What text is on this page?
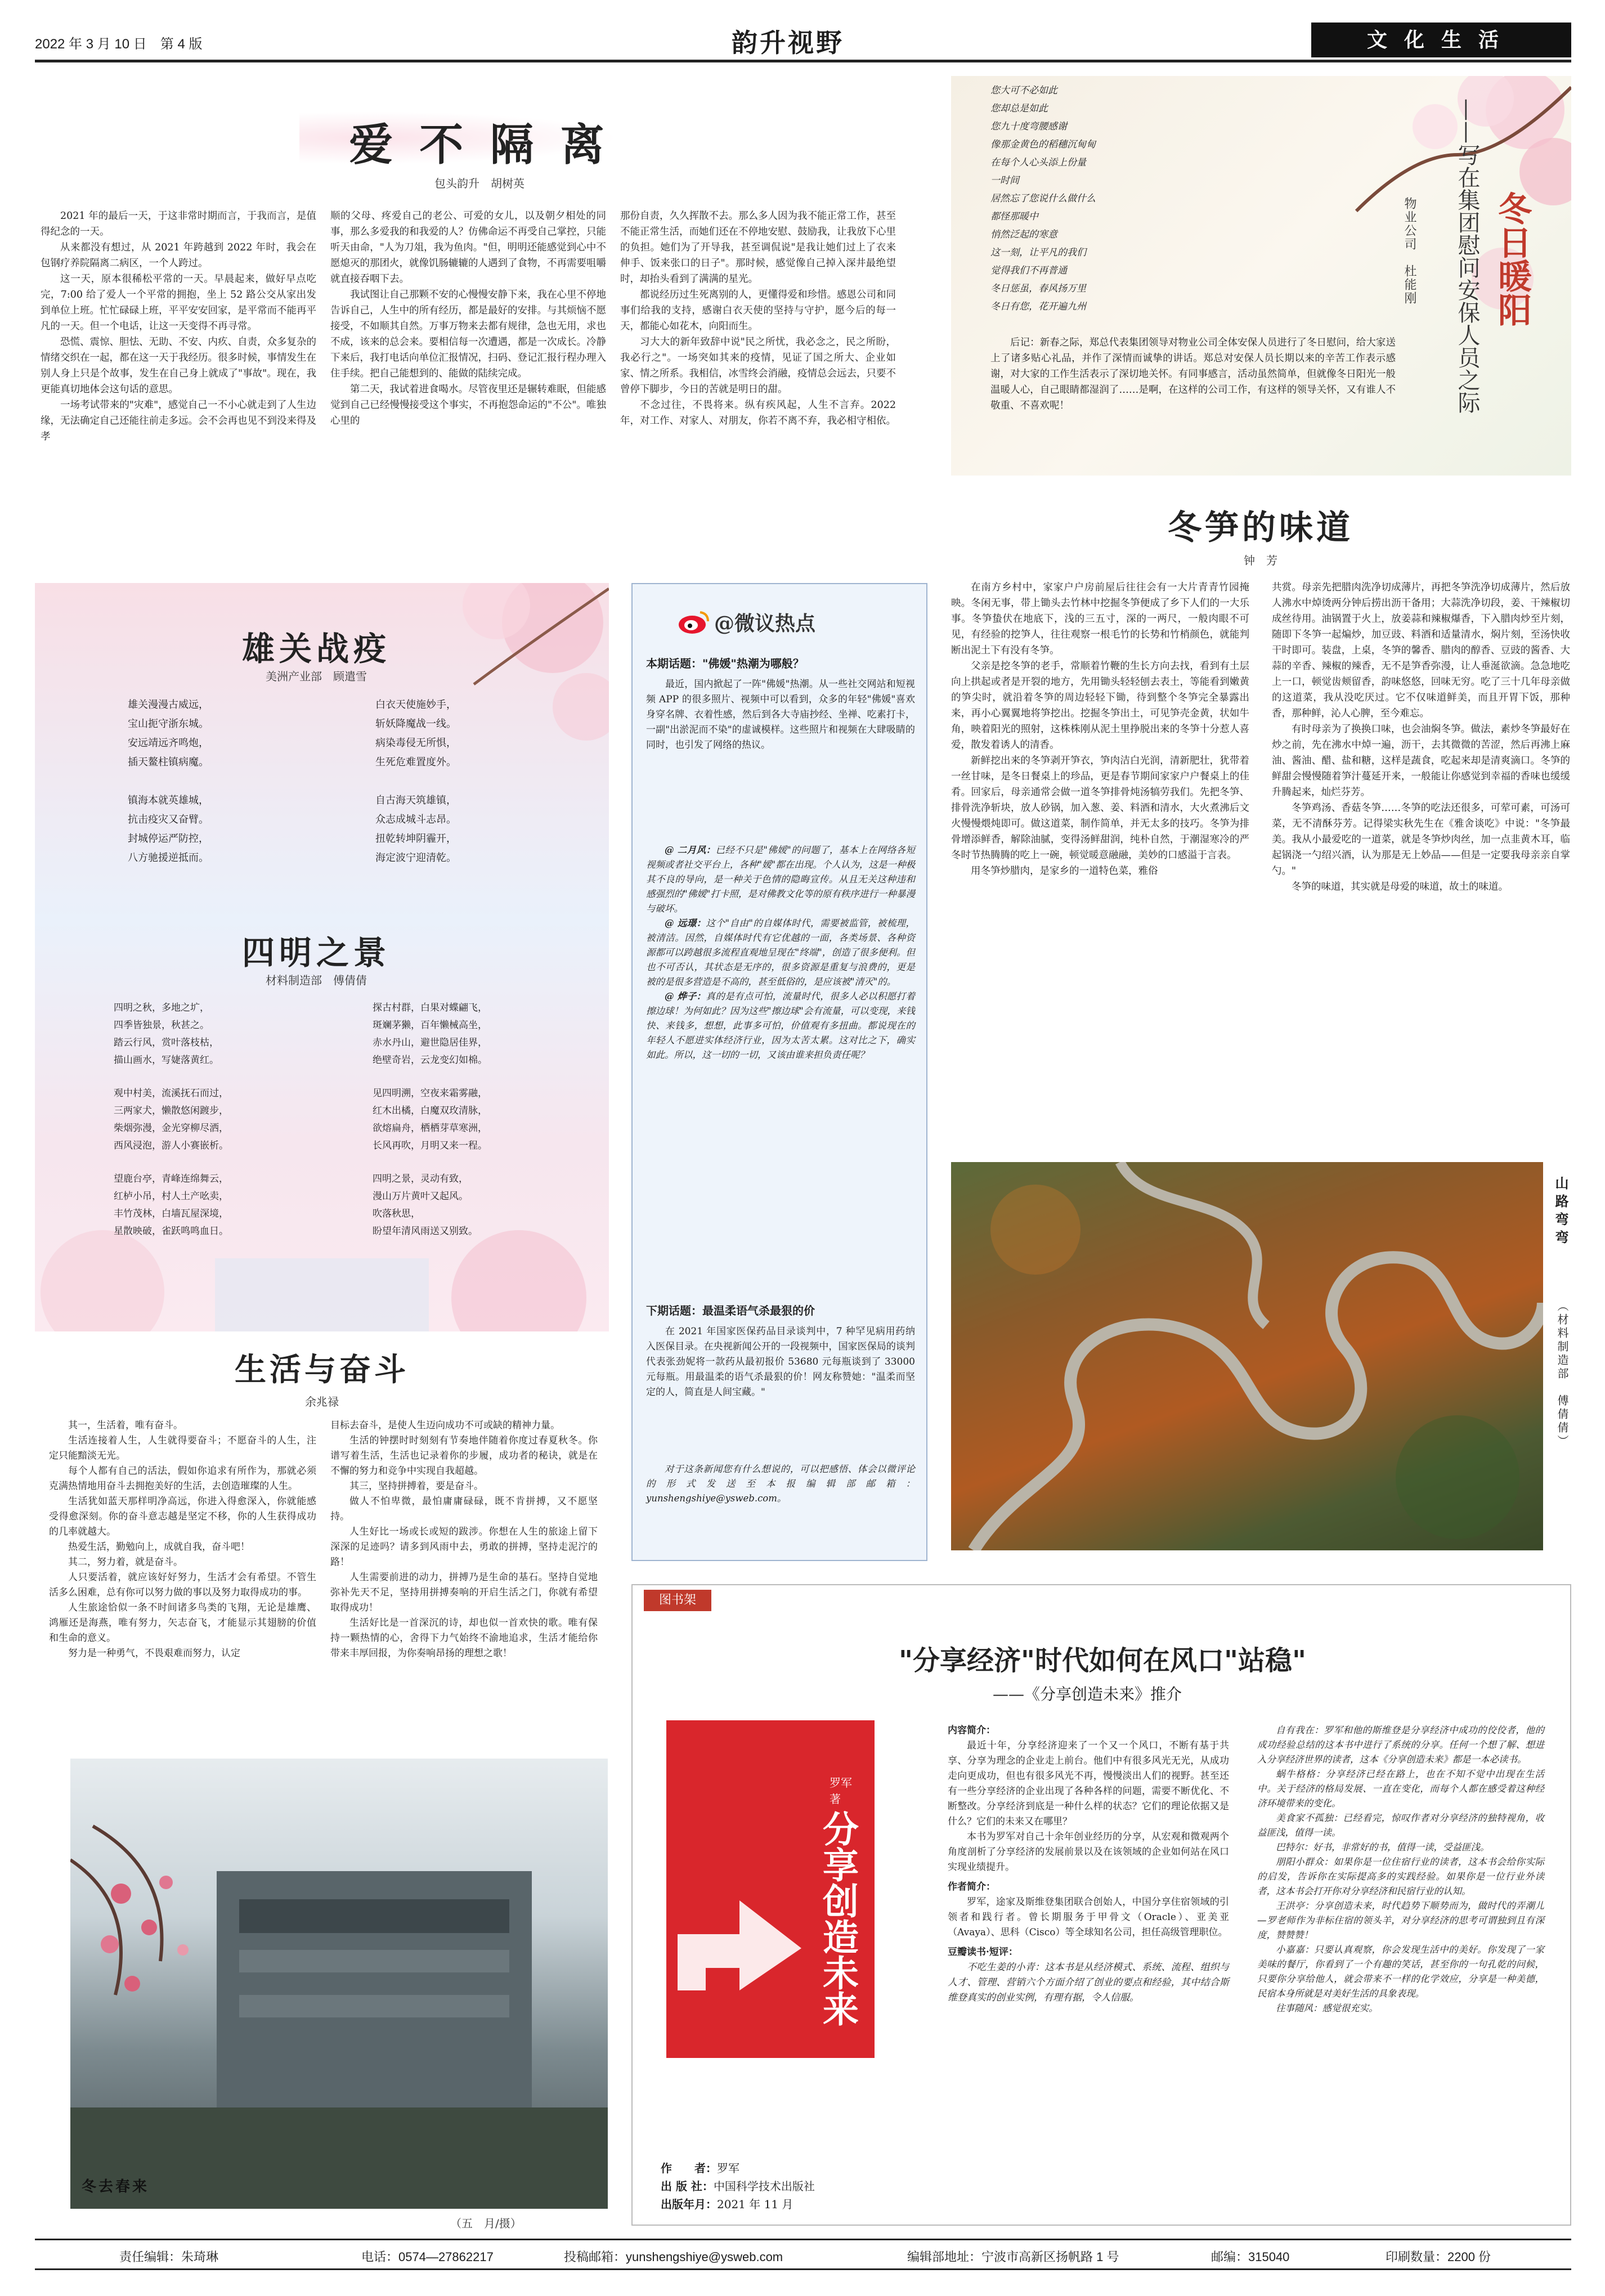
2022 年 3 月 10 日　第 4 版	韵升视野	文化生活
爱 不 隔 离
包头韵升　胡树英

2021 年的最后一天，于这非常时期而言，于我而言，是值得纪念的一天。

从来都没有想过，从 2021 年跨越到 2022 年时，我会在包钢疗养院隔离二病区，一个人跨过。

这一天，原本很稀松平常的一天。早晨起来，做好早点吃完，7:00 给了爱人一个平常的拥抱，坐上 52 路公交从家出发到单位上班。忙忙碌碌上班，平平安安回家，是平常而不能再平凡的一天。但一个电话，让这一天变得不再寻常。

恐慌、震惊、胆怯、无助、不安、内疚、自责，众多复杂的情绪交织在一起，都在这一天于我经历。很多时候，事情发生在别人身上只是个故事，发生在自己身上就成了"事故"。现在，我更能真切地体会这句话的意思。

一场考试带来的"灾难"，感觉自己一不小心就走到了人生边缘，无法确定自己还能往前走多远。会不会再也见不到没来得及孝

顺的父母、疼爱自己的老公、可爱的女儿，以及朝夕相处的同事，那么多爱我的和我爱的人？仿佛命运不再受自己掌控，只能听天由命，"人为刀俎，我为鱼肉。"但，明明还能感觉到心中不愿熄灭的那团火，就像饥肠辘辘的人遇到了食物，不再需要咀嚼就直接吞咽下去。

我试图让自己那颗不安的心慢慢安静下来，我在心里不停地告诉自己，人生中的所有经历，都是最好的安排。与其烦恼不愿接受，不如顺其自然。万事万物来去都有规律，急也无用，求也不成，该来的总会来。要相信每一次遭遇，都是一次成长。冷静下来后，我打电话向单位汇报情况，扫码、登记汇报行程办理入住手续。把自己能想到的、能做的陆续完成。

第二天，我试着进食喝水。尽管夜里还是辗转难眠，但能感觉到自己已经慢慢接受这个事实，不再抱怨命运的"不公"。唯独心里的

那份自责，久久挥散不去。那么多人因为我不能正常工作，甚至不能正常生活，而她们还在不停地安慰、鼓励我，让我放下心里的负担。她们为了开导我，甚至调侃说"是我让她们过上了衣来伸手、饭来张口的日子"。那时候，感觉像自己掉入深井最绝望时，却抬头看到了满满的星光。

都说经历过生死离别的人，更懂得爱和珍惜。感恩公司和同事们给我的支持，感谢白衣天使的坚持与守护，愿今后的每一天，都能心如花木，向阳而生。

习大大的新年致辞中说"民之所忧，我必念之，民之所盼，我必行之"。一场突如其来的疫情，见证了国之所大、企业如家、情之所系。我相信，冰雪终会消融，疫情总会远去，只要不曾停下脚步，今日的苦就是明日的甜。

不念过往，不畏将来。纵有疾风起，人生不言弃。2022 年，对工作、对家人、对朋友，你若不离不弃，我必相守相依。

冬日暖阳
——写在集团慰问安保人员之际
物业公司　杜能刚
您大可不必如此
您却总是如此
您九十度弯腰感谢
像那金黄色的稻穗沉甸甸
在每个人心头添上份量
一时间
居然忘了您说什么做什么
都怪那暖中
悄然泛起的寒意
这一刻，让平凡的我们
觉得我们不再普通
冬日惩虽，春风扬万里
冬日有您，花开遍九州

后记：新春之际，郑总代表集团领导对物业公司全体安保人员进行了冬日慰问，给大家送上了诸多贴心礼品，并作了深情而诚挚的讲话。郑总对安保人员长期以来的辛苦工作表示感谢，对大家的工作生活表示了深切地关怀。有同事感言，活动虽然简单，但就像冬日阳光一般温暖人心，自己眼睛都湿润了……是啊，在这样的公司工作，有这样的领导关怀，又有谁人不敬重、不喜欢呢！

冬笋的味道
钟　芳

在南方乡村中，家家户户房前屋后往往会有一大片青青竹园掩映。冬闲无事，带上锄头去竹林中挖掘冬笋便成了乡下人们的一大乐事。冬笋蛰伏在地底下，浅的三五寸，深的一两尺，一般肉眼不可见，有经验的挖笋人，往往观察一根毛竹的长势和竹梢颜色，就能判断出泥土下有没有冬笋。

父亲是挖冬笋的老手，常顺着竹鞭的生长方向去找，看到有土层向上拱起或者是开裂的地方，先用锄头轻轻刨去表土，等能看到嫩黄的笋尖时，就沿着冬笋的周边轻轻下锄，待到整个冬笋完全暴露出来，再小心翼翼地将笋挖出。挖掘冬笋出土，可见笋壳金黄，状如牛角，映着阳光的照射，这株株刚从泥土里挣脱出来的冬笋十分惹人喜爱，散发着诱人的清香。

新鲜挖出来的冬笋剥开笋衣，笋肉洁白光润，清新肥壮，犹带着一丝甘味，是冬日餐桌上的珍品，更是春节期间家家户户餐桌上的佳肴。回家后，母亲通常会做一道冬笋排骨炖汤犒劳我们。先把冬笋、排骨洗净斩块，放人砂锅，加入葱、姜、料酒和清水，大火煮沸后文火慢慢煨炖即可。做这道菜，制作简单，并无太多的技巧。冬笋为排骨增添鲜香，解除油腻，变得汤鲜甜润，纯朴自然，于潮湿寒冷的严冬时节热腾腾的吃上一碗，顿觉暖意融融，美妙的口感溢于言表。

用冬笋炒腊肉，是家乡的一道特色菜，雅俗

共赏。母亲先把腊肉洗净切成薄片，再把冬笋洗净切成薄片，然后放人沸水中焯烫两分钟后捞出沥干备用；大蒜洗净切段，姜、干辣椒切成丝待用。油锅置于火上，放姜蒜和辣椒爆香，下入腊肉炒至片刻，随即下冬笋一起煸炒，加豆豉、料酒和适量清水，焖片刻，至汤快收干时即可。装盘，上桌，冬笋的馨香、腊肉的醇香、豆豉的酱香、大蒜的辛香、辣椒的辣香，无不是笋香弥漫，让人垂涎欲滴。急急地吃上一口，顿觉齿颊留香，韵味悠悠，回味无穷。吃了三十几年母亲做的这道菜，我从没吃厌过。它不仅味道鲜美，而且开胃下饭，那种香，那种鲜，沁人心脾，至今难忘。

有时母亲为了换换口味，也会油焖冬笋。做法，素炒冬笋最好在炒之前，先在沸水中焯一遍，沥干，去其微微的苦涩，然后再沸上麻油、酱油、醋、盐和糖，这样是蔬食，吃起来却是清爽滴口。冬笋的鲜甜会慢慢随着笋汁蔓延开来，一般能让你感觉到幸福的香味也缓缓升腾起来，灿烂芬芳。

冬笋鸡汤、香菇冬笋……冬笋的吃法还很多，可荤可素，可汤可菜，无不清酥芬芳。记得梁实秋先生在《雅舍谈吃》中说："冬笋最美。我从小最爱吃的一道菜，就是冬笋炒肉丝，加一点韭黄木耳，临起锅浇一勺绍兴酒，认为那是无上妙品——但是一定要我母亲亲自掌勺。"

冬笋的味道，其实就是母爱的味道，故土的味道。

山路弯弯
（材料制造部　傅倩倩）
雄关战疫
美洲产业部　顾遣雪
雄关漫漫古威远，
宝山扼守浙东城。
安远靖远齐鸣炮，
插天鳌柱镇病魔。
镇海本就英雄城，
抗击疫灾又奋臂。
封城停运严防控，
八方驰援逆抵而。
白衣天使施妙手，
斩妖降魔战一线。
病染毒侵无所惧，
生死危难置度外。
自古海天筑雄镇，
众志成城斗志昂。
扭乾转坤阴霾开，
海定波宁迎清乾。
四明之景
材料制造部　傅倩倩
四明之秋，多地之圹，
四季皆独景，秋甚之。
踏云行风，赏叶落枝枯，
描山画水，写婕落黄红。
观中村美，流溪抚石而过，
三两家犬，懒散悠闲踱步，
柴烟弥漫，金光穿柳尽洒，
西风浸泡，游人小赛嵌析。
望鹿台亭，青峰连绵舞云，
红栌小吊，村人土产吆卖，
丰竹茂林，白墙瓦屋深境，
星散映破，雀跃鸣鸣血日。
探古村群，白果对蝶翩飞，
斑斓茅獭，百年懒械高坐，
赤水丹山，避世隐居佳界，
绝壁奇岩，云龙变幻如棉。
见四明溯，空夜来霜雾融，
红木出橘，白魔双玫清脉，
欲熔扁舟，栖栖芽草寒洲，
长风再吹，月明又来一程。
四明之景，灵动有致，
漫山万片黄叶又起风。
吹落秋思，
盼望年清风雨送又别致。
生活与奋斗
余兆禄

其一，生活着，唯有奋斗。

生活连接着人生，人生就得要奋斗；不愿奋斗的人生，注定只能黯淡无光。

每个人都有自己的活法，假如你追求有所作为，那就必须克满热情地用奋斗去拥抱美好的生活，去创造璀璨的人生。

生活犹如蓝天那样明净高远，你进入得愈深入，你就能感受得愈深刻。你的奋斗意志越是坚定不移，你的人生获得成功的几率就越大。

热爱生活，勤勉向上，成就自我，奋斗吧！

其二，努力着，就是奋斗。

人只要活着，就应该好好努力，生活才会有希望。不管生活多么困难，总有你可以努力做的事以及努力取得成功的事。

人生旅途恰似一条不时间诸多鸟类的飞翔，无论是雄鹰、鸿雁还是海燕，唯有努力，矢志奋飞，才能显示其翅膀的价值和生命的意义。

努力是一种勇气，不畏艰难而努力，认定

目标去奋斗，是使人生迈向成功不可或缺的精神力量。

生活的钟摆时时刻刻有节奏地伴随着你度过春夏秋冬。你谱写着生活，生活也记录着你的步履，成功者的秘诀，就是在不懈的努力和竞争中实现自我超越。

其三，坚持拼搏着，要是奋斗。

做人不怕卑微，最怕庸庸碌碌，既不肯拼搏，又不愿坚持。

人生好比一场或长或短的跋涉。你想在人生的旅途上留下深深的足迹吗？请多到风雨中去，勇敢的拼搏，坚持走泥泞的路！

人生需要前进的动力，拼搏乃是生命的基石。坚持自觉地弥补先天不足，坚持用拼搏奏响的开启生活之门，你就有希望取得成功！

生活好比是一首深沉的诗，却也似一首欢快的歌。唯有保持一颗热情的心，舍得下力气始终不渝地追求，生活才能给你带来丰厚回报，为你奏响昂扬的理想之歌！

冬去春来
（五　月/摄）
@微议热点
本期话题："佛媛"热潮为哪般？

最近，国内掀起了一阵"佛媛"热潮。从一些社交网站和短视频 APP 的很多照片、视频中可以看到，众多的年轻"佛媛"喜欢身穿名牌、衣着性感，然后到各大寺庙抄经、坐禅、吃素打卡，一副"出淤泥而不染"的虚诚模样。这些照片和视频在大肆吸睛的同时，也引发了网络的热议。

@ 二月风：已经不只是"佛媛"的问题了，基本上在网络各短视频或者社交平台上，各种"媛"都在出现。个人认为，这是一种极其不良的导向，是一种关于色情的隐晦宣传。从且无关这种违和感强烈的"佛媛"打卡照，是对佛教文化等的原有秩序进行一种暴漫与破坏。

@ 远璟：这个"自由"的自媒体时代，需要被监管，被梳理，被清洁。因然，自媒体时代有它优越的一面，各类场景、各种资源都可以跨越很多流程直观地呈现在"终端"，创造了很多便利。但也不可否认，其状态是无序的，很多资源是重复与浪费的，更是被的是很多营造是不高的，甚至低俗的，是应该被"清灭"的。

@ 烨子：真的是有点可怕，流量时代，很多人必以积愿打着擦边球！为何如此？因为这些"擦边球"会有流量，可以变现，来钱快、来钱多，想想，此事多可怕，价值观有多扭曲。都说现在的年轻人不愿进实体经济行业，因为太苦太累。这对比之下，确实如此。所以，这一切的一切，又该由谁来担负责任呢？

下期话题：最温柔语气杀最狠的价

在 2021 年国家医保药品目录谈判中，7 种罕见病用药纳入医保目录。在央视新闻公开的一段视频中，国家医保局的谈判代表张劲妮将一款药从最初报价 53680 元每瓶谈到了 33000 元每瓶。用最温柔的语气杀最狠的价！网友称赞她："温柔而坚定的人，简直是人间宝藏。"

对于这条新闻您有什么想说的，可以把感悟、体会以微评论的形式发送至本报编辑部邮箱：yunshengshiye@ysweb.com。

图书架
"分享经济"时代如何在风口"站稳"
——《分享创造未来》推介
分享创造未来
罗军 著
作　　者：罗军
出 版 社：中国科学技术出版社
出版年月：2021 年 11 月
内容简介：

最近十年，分享经济迎来了一个又一个风口，不断有基于共享、分享为理念的企业走上前台。他们中有很多风光无光，从成功走向更成功，但也有很多风光不再，慢慢淡出人们的视野。甚至还有一些分享经济的企业出现了各种各样的问题，需要不断优化、不断整改。分享经济到底是一种什么样的状态？它们的理论依据又是什么？它们的未来又在哪里？

本书为罗军对自己十余年创业经历的分享，从宏观和微观两个角度剖析了分享经济的发展前景以及在该领域的企业如何站在风口实现业绩提升。

作者简介：

罗军，途家及斯维登集团联合创始人，中国分享住宿领域的引领者和践行者。曾长期服务于甲骨文（Oracle）、亚美亚（Avaya）、思科（Cisco）等全球知名公司，担任高级管理职位。

豆瓣读书·短评：

不吃生姜的小青：这本书是从经济模式、系统、流程、组织与人才、管理、营销六个方面介绍了创业的要点和经验，其中结合斯维登真实的创业实例，有理有据，令人信服。

自有我在：罗军和他的斯维登是分享经济中成功的佼佼者，他的成功经验总结的这本书中进行了系统的分享。任何一个想了解、想进入分享经济世界的读者，这本《分享创造未来》都是一本必读书。

蜗牛格格：分享经济已经在路上，也在不知不觉中出现在生活中。关于经济的格局发展、一直在变化，而每个人都在感受着这种经济环境带来的变化。

美食家不孤独：已经看完，惊叹作者对分享经济的独特视角，收益匪浅，值得一读。

巴特尔：好书，非常好的书，值得一读，受益匪浅。

朋阳小群众：如果你是一位住宿行业的读者，这本书会给你实际的启发，告诉你在实际提高多的实践经验。如果你是一位行业外读者，这本书会打开你对分享经济和民宿行业的认知。

王洪亭：分享创造未来，时代趋势下顺势而为，做时代的弄潮儿—罗老师作为非标住宿的领头羊，对分享经济的思考可谓独到且有深度，赞赞赞！

小嘉嘉：只要认真观察，你会发现生活中的美好。你发现了一家美味的餐厅，你看到了一个有趣的笑话，甚至你的一句孔乾的问候，只要你分享给他人，就会带来不一样的化学效应，分享是一种美德，民宿本身所就是对美好生活的具象表现。

往事随风：感觉很充实。

责任编辑：朱琦琳	电话：0574—27862217	投稿邮箱：yunshengshiye@ysweb.com	编辑部地址：宁波市高新区扬帆路 1 号	邮编：315040	印刷数量：2200 份
